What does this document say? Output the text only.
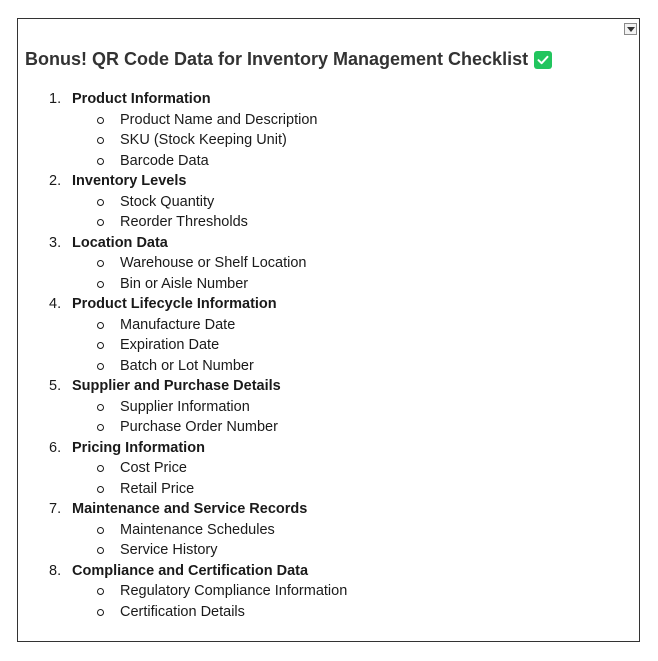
Bonus! QR Code Data for Inventory Management Checklist
1. Product Information
Product Name and Description
SKU (Stock Keeping Unit)
Barcode Data
2. Inventory Levels
Stock Quantity
Reorder Thresholds
3. Location Data
Warehouse or Shelf Location
Bin or Aisle Number
4. Product Lifecycle Information
Manufacture Date
Expiration Date
Batch or Lot Number
5. Supplier and Purchase Details
Supplier Information
Purchase Order Number
6. Pricing Information
Cost Price
Retail Price
7. Maintenance and Service Records
Maintenance Schedules
Service History
8. Compliance and Certification Data
Regulatory Compliance Information
Certification Details
